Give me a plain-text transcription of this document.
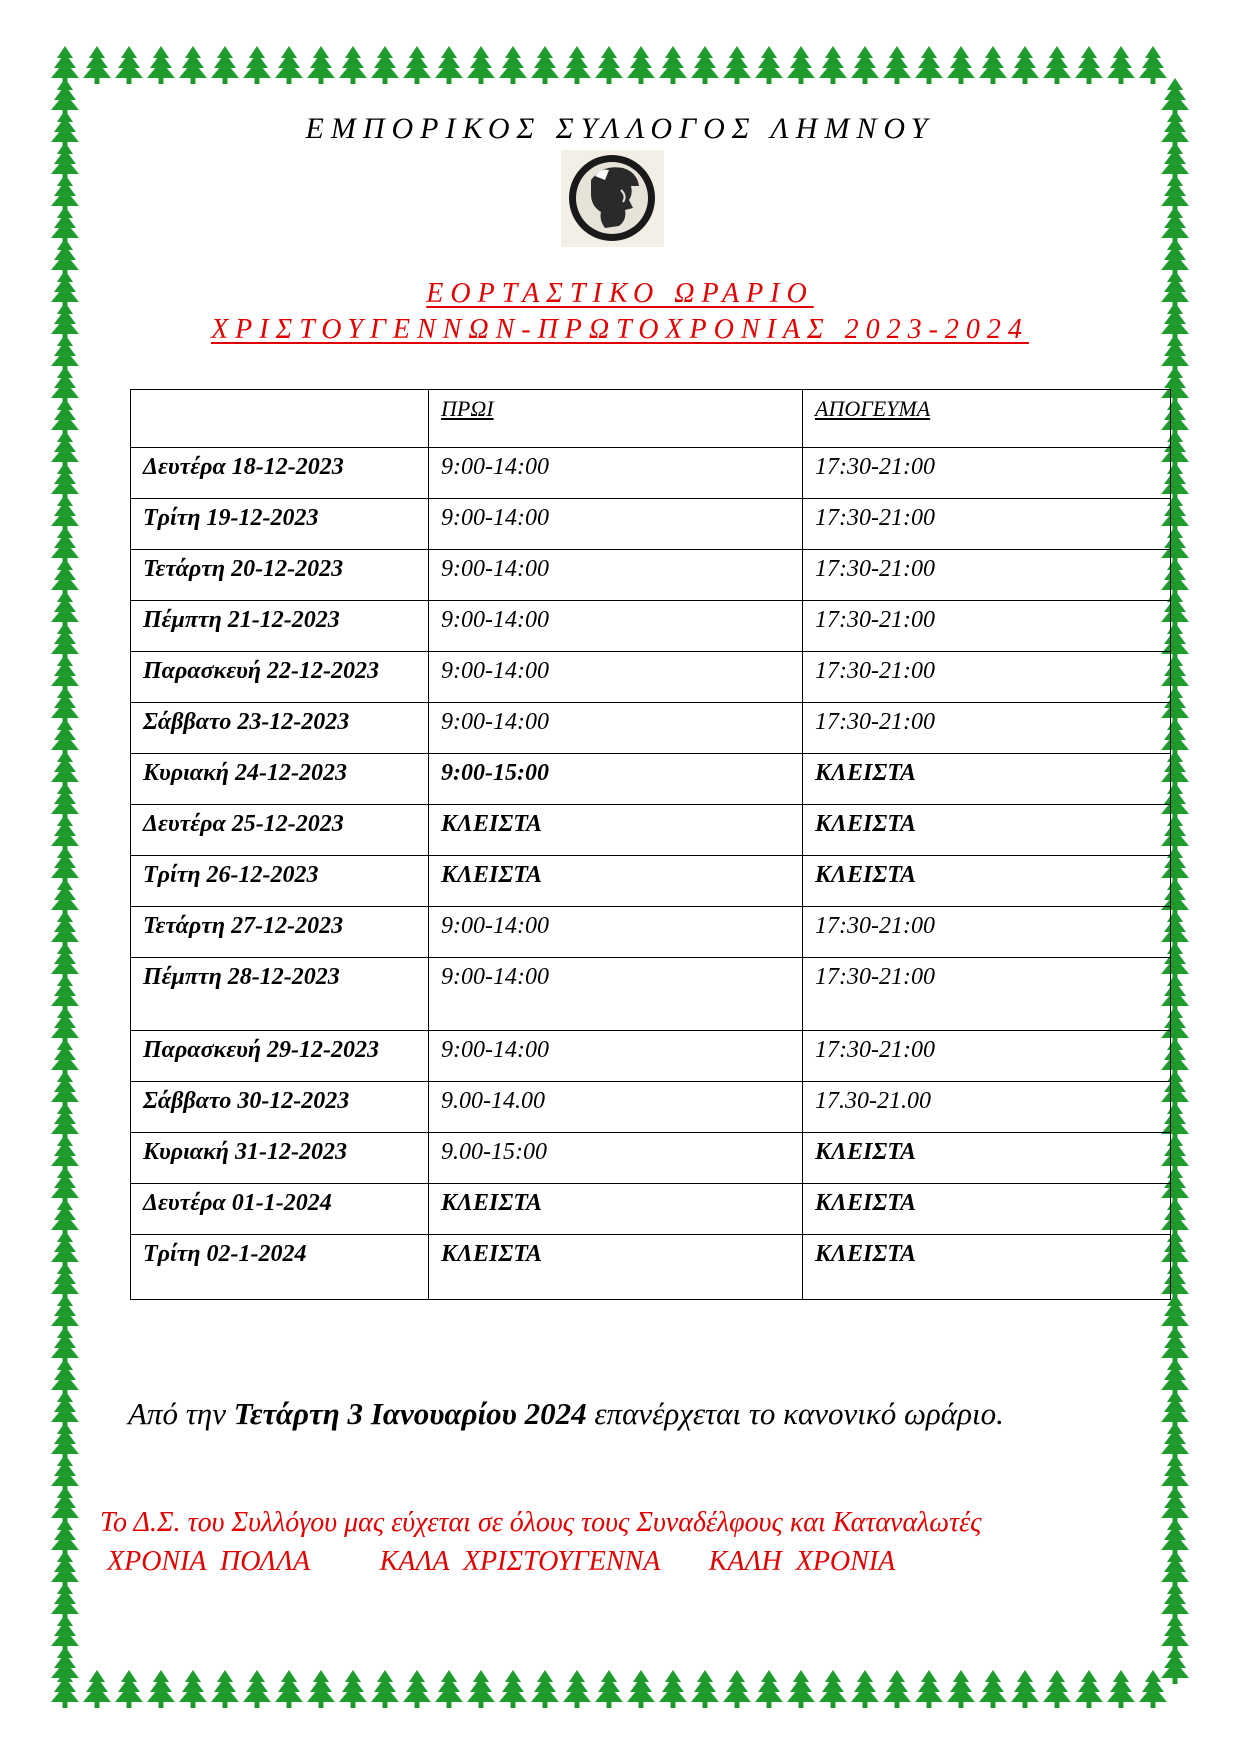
ΕΜΠΟΡΙΚΟΣ ΣΥΛΛΟΓΟΣ ΛΗΜΝΟΥ
ΕΟΡΤΑΣΤΙΚΟ ΩΡΑΡΙΟ
ΧΡΙΣΤΟΥΓΕΝΝΩΝ-ΠΡΩΤΟΧΡΟΝΙΑΣ 2023-2024
	ΠΡΩΙ	ΑΠΟΓΕΥΜΑ
Δευτέρα 18-12-2023	9:00-14:00	17:30-21:00
Τρίτη 19-12-2023	9:00-14:00	17:30-21:00
Τετάρτη 20-12-2023	9:00-14:00	17:30-21:00
Πέμπτη 21-12-2023	9:00-14:00	17:30-21:00
Παρασκευή 22-12-2023	9:00-14:00	17:30-21:00
Σάββατο 23-12-2023	9:00-14:00	17:30-21:00
Κυριακή 24-12-2023	9:00-15:00	ΚΛΕΙΣΤΑ
Δευτέρα 25-12-2023	ΚΛΕΙΣΤΑ	ΚΛΕΙΣΤΑ
Τρίτη 26-12-2023	ΚΛΕΙΣΤΑ	ΚΛΕΙΣΤΑ
Τετάρτη 27-12-2023	9:00-14:00	17:30-21:00
Πέμπτη 28-12-2023	9:00-14:00	17:30-21:00
Παρασκευή 29-12-2023	9:00-14:00	17:30-21:00
Σάββατο 30-12-2023	9.00-14.00	17.30-21.00
Κυριακή 31-12-2023	9.00-15:00	ΚΛΕΙΣΤΑ
Δευτέρα 01-1-2024	ΚΛΕΙΣΤΑ	ΚΛΕΙΣΤΑ
Τρίτη 02-1-2024	ΚΛΕΙΣΤΑ	ΚΛΕΙΣΤΑ
Από την Τετάρτη 3 Ιανουαρίου 2024 επανέρχεται το κανονικό ωράριο.
Το Δ.Σ. του Συλλόγου μας εύχεται σε όλους τους Συναδέλφους και Καταναλωτές
ΧΡΟΝΙΑ  ΠΟΛΛΑ          ΚΑΛΑ  ΧΡΙΣΤΟΥΓΕΝΝΑ       ΚΑΛΗ  ΧΡΟΝΙΑ
